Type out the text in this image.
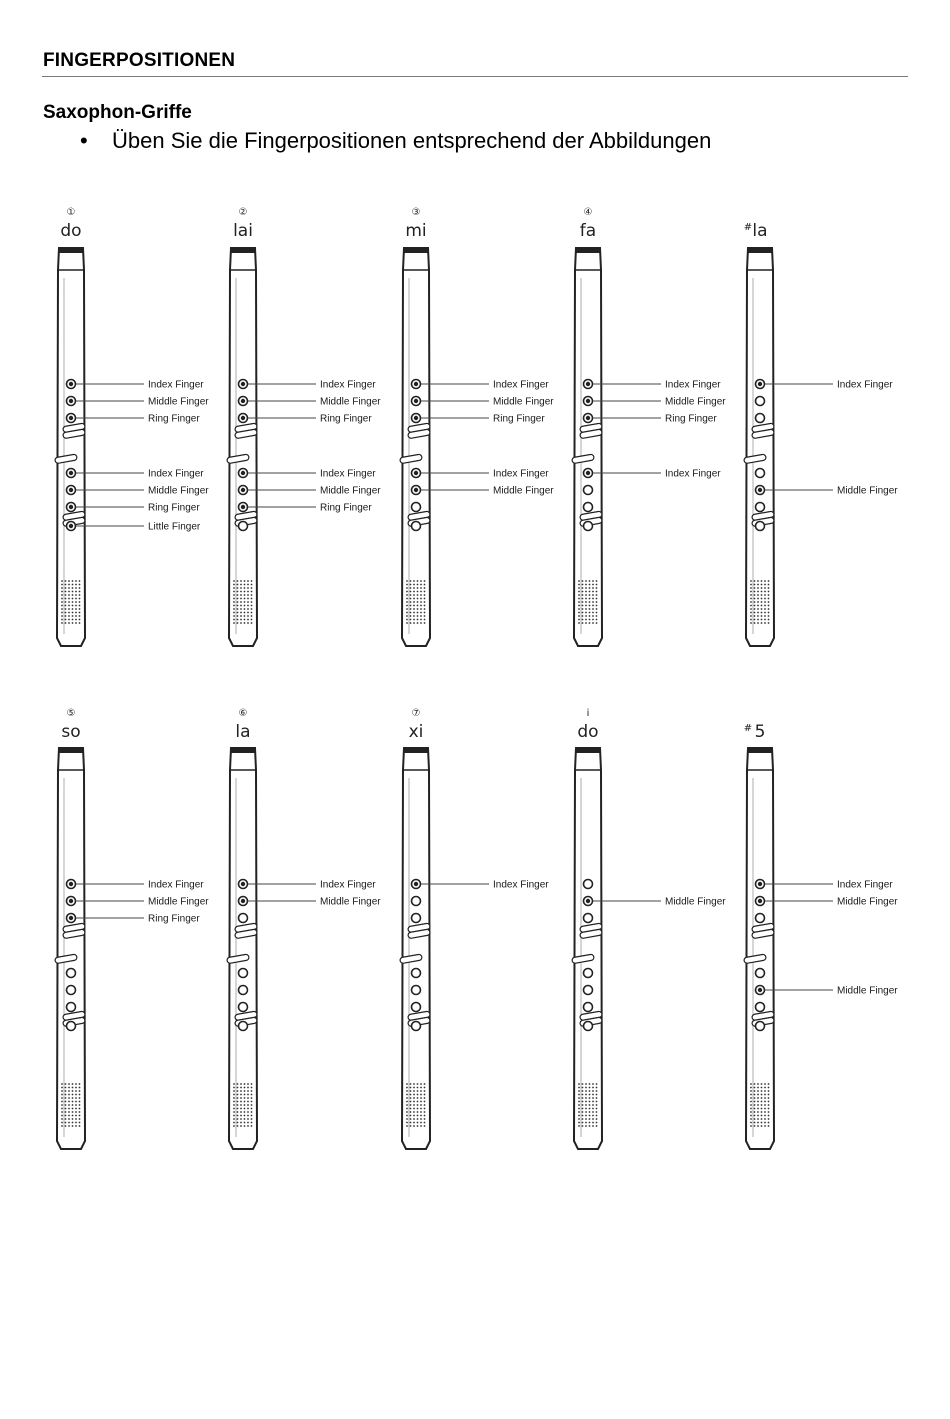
FINGERPOSITIONEN
Saxophon-Griffe
• Üben Sie die Fingerpositionen entsprechend der Abbildungen
①
do
Index Finger
Middle Finger
Ring Finger
Index Finger
Middle Finger
Ring Finger
Little Finger
②
lai
Index Finger
Middle Finger
Ring Finger
Index Finger
Middle Finger
Ring Finger
③
mi
Index Finger
Middle Finger
Ring Finger
Index Finger
Middle Finger
④
fa
Index Finger
Middle Finger
Ring Finger
Index Finger
la
#
Index Finger
Middle Finger
⑤
so
Index Finger
Middle Finger
Ring Finger
⑥
la
Index Finger
Middle Finger
⑦
xi
Index Finger
i
do
Middle Finger
5
#
Index Finger
Middle Finger
Middle Finger
